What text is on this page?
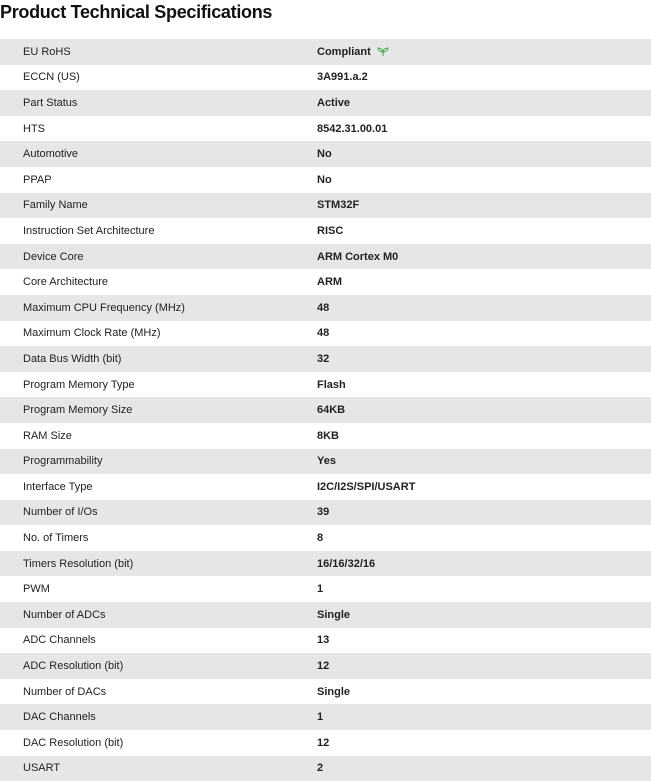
Product Technical Specifications
EU RoHS	Compliant
ECCN (US)	3A991.a.2
Part Status	Active
HTS	8542.31.00.01
Automotive	No
PPAP	No
Family Name	STM32F
Instruction Set Architecture	RISC
Device Core	ARM Cortex M0
Core Architecture	ARM
Maximum CPU Frequency (MHz)	48
Maximum Clock Rate (MHz)	48
Data Bus Width (bit)	32
Program Memory Type	Flash
Program Memory Size	64KB
RAM Size	8KB
Programmability	Yes
Interface Type	I2C/I2S/SPI/USART
Number of I/Os	39
No. of Timers	8
Timers Resolution (bit)	16/16/32/16
PWM	1
Number of ADCs	Single
ADC Channels	13
ADC Resolution (bit)	12
Number of DACs	Single
DAC Channels	1
DAC Resolution (bit)	12
USART	2
